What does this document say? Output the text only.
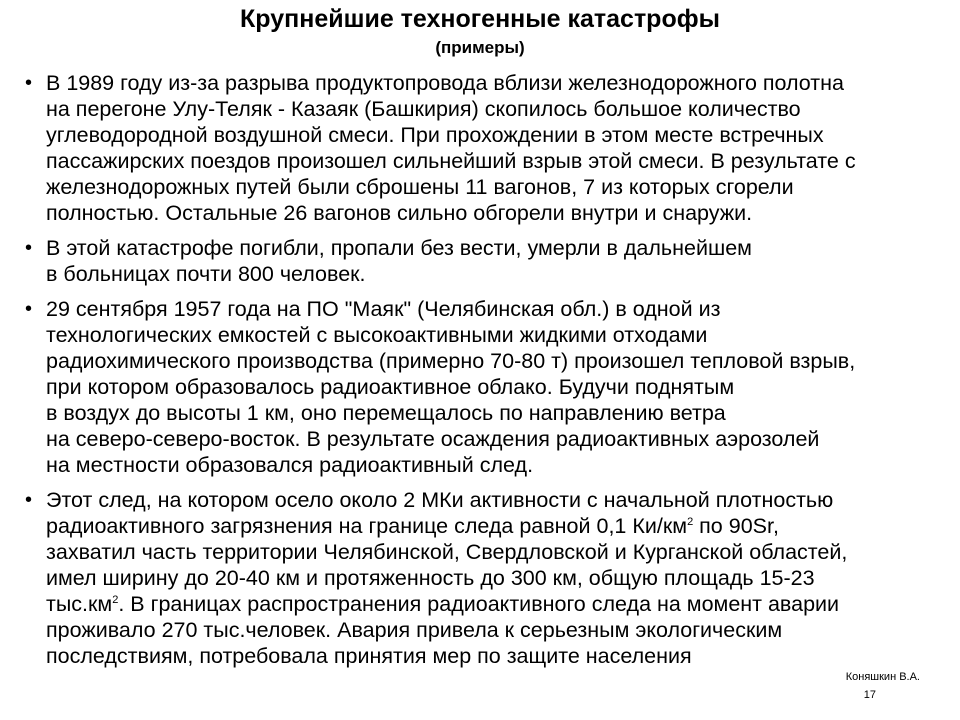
Крупнейшие техногенные катастрофы
(примеры)
• В 1989 году из-за разрыва продуктопровода вблизи железнодорожного полотна
на перегоне Улу-Теляк - Казаяк (Башкирия) скопилось большое количество
углеводородной воздушной смеси. При прохождении в этом месте встречных
пассажирских поездов произошел сильнейший взрыв этой смеси. В результате с
железнодорожных путей были сброшены 11 вагонов, 7 из которых сгорели
полностью. Остальные 26 вагонов сильно обгорели внутри и снаружи.
• В этой катастрофе погибли, пропали без вести, умерли в дальнейшем
в больницах почти 800 человек.
• 29 сентября 1957 года на ПО "Маяк" (Челябинская обл.) в одной из
технологических емкостей с высокоактивными жидкими отходами
радиохимического производства (примерно 70-80 т) произошел тепловой взрыв,
при котором образовалось радиоактивное облако. Будучи поднятым
в воздух до высоты 1 км, оно перемещалось по направлению ветра
на северо-северо-восток. В результате осаждения радиоактивных аэрозолей
на местности образовался радиоактивный след.
• Этот след, на котором осело около 2 МКи активности с начальной плотностью
радиоактивного загрязнения на границе следа равной 0,1 $Ки/км^2$ по 90Sr,
захватил часть территории Челябинской, Свердловской и Курганской областей,
имел ширину до 20-40 км и протяженность до 300 км, общую площадь 15-23
$тыс.км^2$. В границах распространения радиоактивного следа на момент аварии
проживало 270 тыс.человек. Авария привела к серьезным экологическим
последствиям, потребовала принятия мер по защите населения
Коняшкин В.А.
17
